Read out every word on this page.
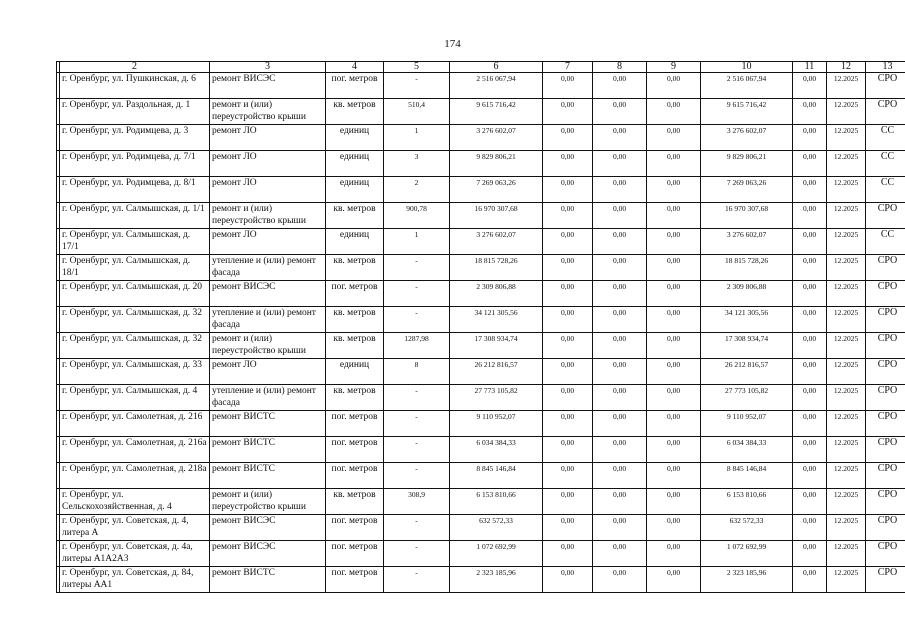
174
	2	3	4	5	6	7	8	9	10	11	12	13
	г. Оренбург, ул. Пушкинская, д. 6	ремонт ВИСЭС	пог. метров	-	2 516 067,94	0,00	0,00	0,00	2 516 067,94	0,00	12.2025	СРО
	г. Оренбург, ул. Раздольная, д. 1	ремонт и (или) переустройство крыши	кв. метров	510,4	9 615 716,42	0,00	0,00	0,00	9 615 716,42	0,00	12.2025	СРО
	г. Оренбург, ул. Родимцева, д. 3	ремонт ЛО	единиц	1	3 276 602,07	0,00	0,00	0,00	3 276 602,07	0,00	12.2025	СС
	г. Оренбург, ул. Родимцева, д. 7/1	ремонт ЛО	единиц	3	9 829 806,21	0,00	0,00	0,00	9 829 806,21	0,00	12.2025	СС
	г. Оренбург, ул. Родимцева, д. 8/1	ремонт ЛО	единиц	2	7 269 063,26	0,00	0,00	0,00	7 269 063,26	0,00	12.2025	СС
	г. Оренбург, ул. Салмышская, д. 1/1	ремонт и (или) переустройство крыши	кв. метров	900,78	16 970 307,68	0,00	0,00	0,00	16 970 307,68	0,00	12.2025	СРО
	г. Оренбург, ул. Салмышская, д. 17/1	ремонт ЛО	единиц	1	3 276 602,07	0,00	0,00	0,00	3 276 602,07	0,00	12.2025	СС
	г. Оренбург, ул. Салмышская, д. 18/1	утепление и (или) ремонт фасада	кв. метров	-	18 815 728,26	0,00	0,00	0,00	18 815 728,26	0,00	12.2025	СРО
	г. Оренбург, ул. Салмышская, д. 20	ремонт ВИСЭС	пог. метров	-	2 309 806,88	0,00	0,00	0,00	2 309 806,88	0,00	12.2025	СРО
	г. Оренбург, ул. Салмышская, д. 32	утепление и (или) ремонт фасада	кв. метров	-	34 121 305,56	0,00	0,00	0,00	34 121 305,56	0,00	12.2025	СРО
	г. Оренбург, ул. Салмышская, д. 32	ремонт и (или) переустройство крыши	кв. метров	1287,98	17 308 934,74	0,00	0,00	0,00	17 308 934,74	0,00	12.2025	СРО
	г. Оренбург, ул. Салмышская, д. 33	ремонт ЛО	единиц	8	26 212 816,57	0,00	0,00	0,00	26 212 816,57	0,00	12.2025	СРО
	г. Оренбург, ул. Салмышская, д. 4	утепление и (или) ремонт фасада	кв. метров	-	27 773 105,82	0,00	0,00	0,00	27 773 105,82	0,00	12.2025	СРО
	г. Оренбург, ул. Самолетная, д. 216	ремонт ВИСТС	пог. метров	-	9 110 952,07	0,00	0,00	0,00	9 110 952,07	0,00	12.2025	СРО
	г. Оренбург, ул. Самолетная, д. 216а	ремонт ВИСТС	пог. метров	-	6 034 384,33	0,00	0,00	0,00	6 034 384,33	0,00	12.2025	СРО
	г. Оренбург, ул. Самолетная, д. 218а	ремонт ВИСТС	пог. метров	-	8 845 146,84	0,00	0,00	0,00	8 845 146,84	0,00	12.2025	СРО
	г. Оренбург, ул. Сельскохозяйственная, д. 4	ремонт и (или) переустройство крыши	кв. метров	308,9	6 153 810,66	0,00	0,00	0,00	6 153 810,66	0,00	12.2025	СРО
	г. Оренбург, ул. Советская, д. 4, литера А	ремонт ВИСЭС	пог. метров	-	632 572,33	0,00	0,00	0,00	632 572,33	0,00	12.2025	СРО
	г. Оренбург, ул. Советская, д. 4а, литеры А1А2А3	ремонт ВИСЭС	пог. метров	-	1 072 692,99	0,00	0,00	0,00	1 072 692,99	0,00	12.2025	СРО
	г. Оренбург, ул. Советская, д. 84, литеры АА1	ремонт ВИСТС	пог. метров	-	2 323 185,96	0,00	0,00	0,00	2 323 185,96	0,00	12.2025	СРО
